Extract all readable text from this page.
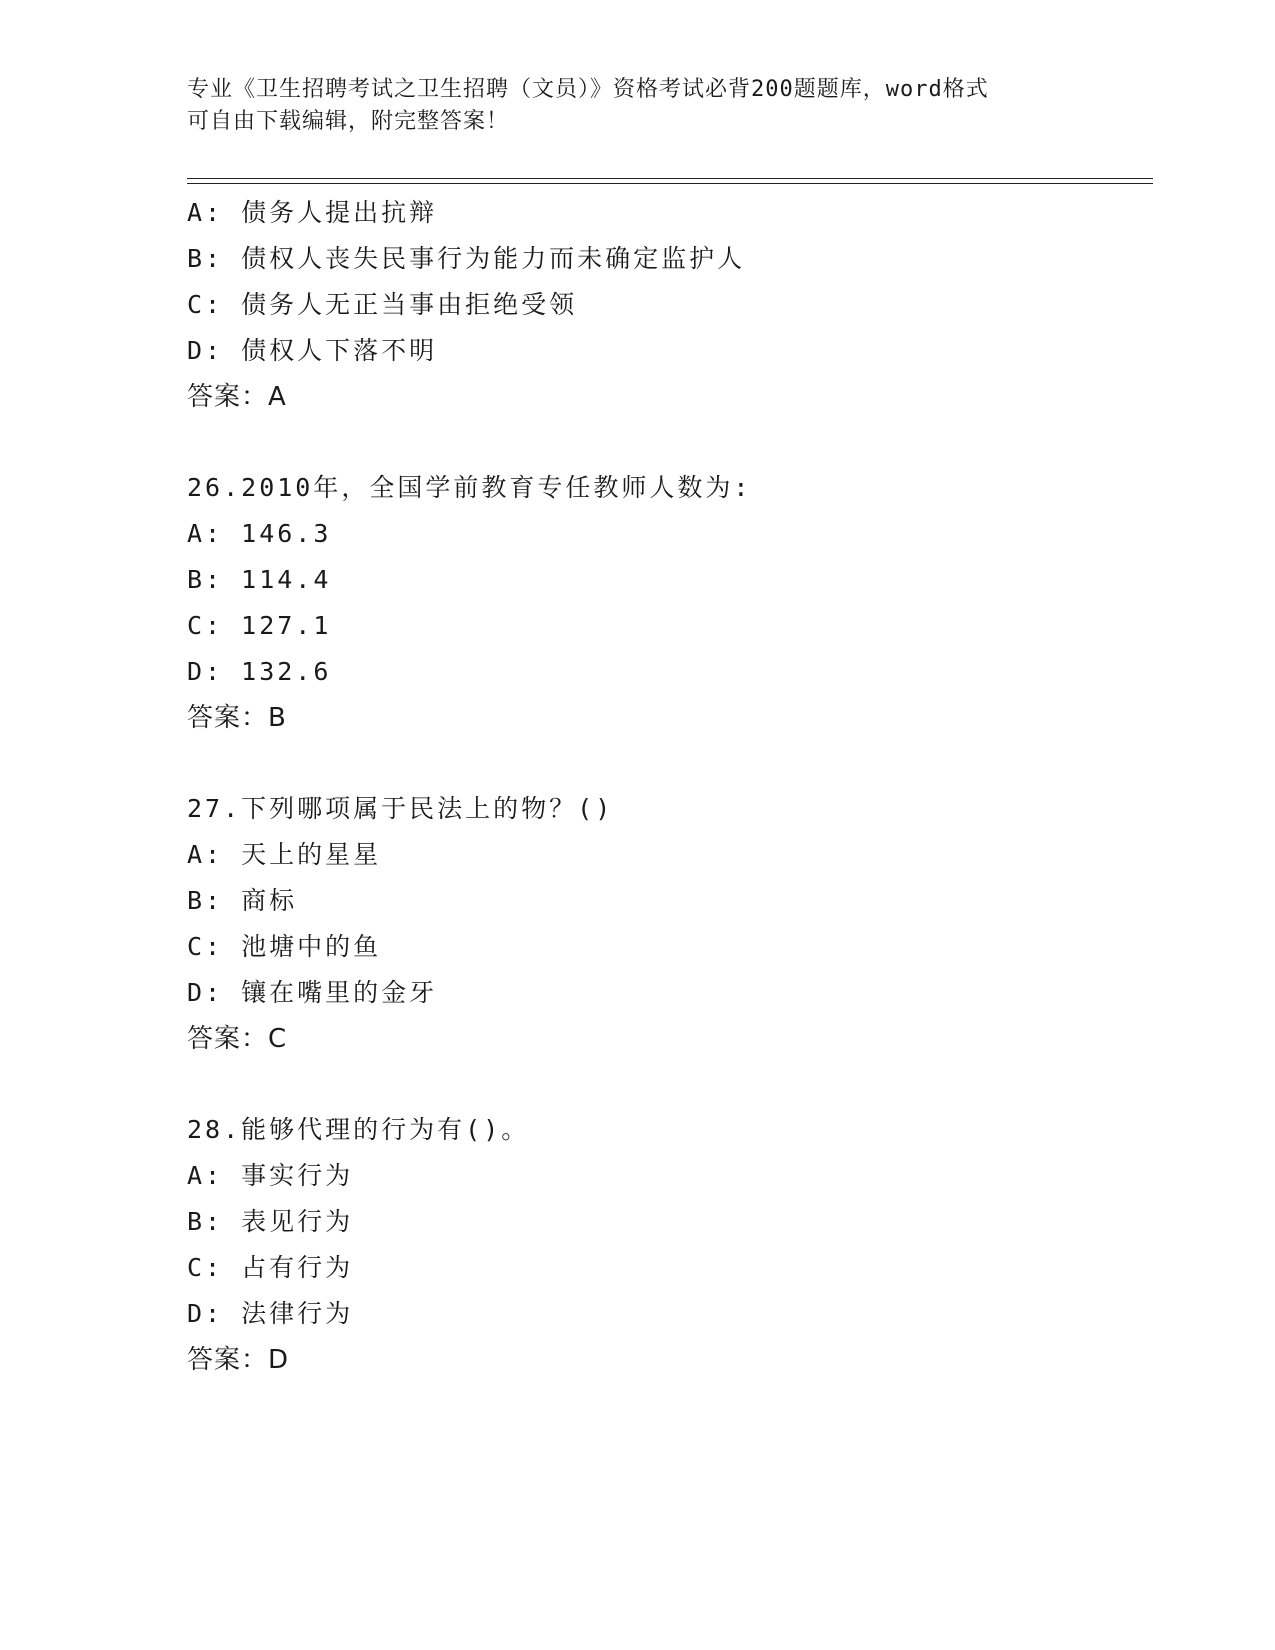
专业《卫生招聘考试之卫生招聘（文员）》资格考试必背200题题库，word格式
可自由下载编辑，附完整答案！
A: 债务人提出抗辩
B: 债权人丧失民事行为能力而未确定监护人
C: 债务人无正当事由拒绝受领
D: 债权人下落不明
答案：A
26.2010年，全国学前教育专任教师人数为:
A: 146.3
B: 114.4
C: 127.1
D: 132.6
答案：B
27.下列哪项属于民法上的物？()
A: 天上的星星
B: 商标
C: 池塘中的鱼
D: 镶在嘴里的金牙
答案：C
28.能够代理的行为有()。
A: 事实行为
B: 表见行为
C: 占有行为
D: 法律行为
答案：D
